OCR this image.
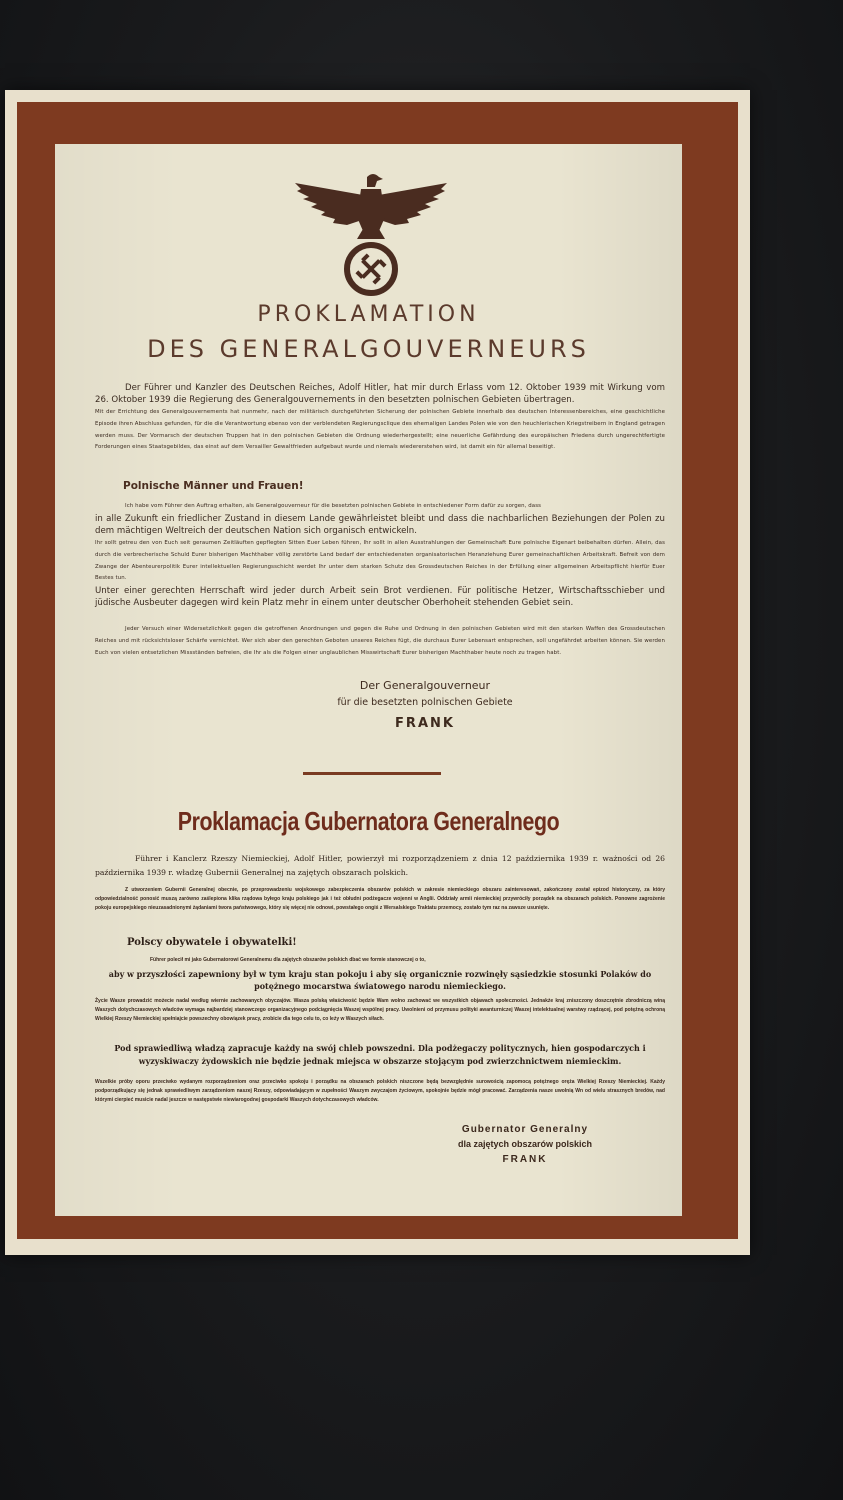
PROKLAMATION
DES GENERALGOUVERNEURS

Der Führer und Kanzler des Deutschen Reiches, Adolf Hitler, hat mir durch Erlass vom 12. Oktober 1939 mit Wirkung vom 26. Oktober 1939 die Regierung des Generalgouvernements in den besetzten polnischen Gebieten übertragen.

Mit der Errichtung des Generalgouvernements hat nunmehr, nach der militärisch durchgeführten Sicherung der polnischen Gebiete innerhalb des deutschen Interessenbereiches, eine geschichtliche Episode ihren Abschluss gefunden, für die die Verantwortung ebenso von der verblendeten Regierungsclique des ehemaligen Landes Polen wie von den heuchlerischen Kriegstreibern in England getragen werden muss. Der Vormarsch der deutschen Truppen hat in den polnischen Gebieten die Ordnung wiederhergestellt; eine neuerliche Gefährdung des europäischen Friedens durch ungerechtfertigte Forderungen eines Staatsgebildes, das einst auf dem Versailler Gewaltfrieden aufgebaut wurde und niemals wiedererstehen wird, ist damit ein für allemal beseitigt.

Polnische Männer und Frauen!

Ich habe vom Führer den Auftrag erhalten, als Generalgouverneur für die besetzten polnischen Gebiete in entschiedener Form dafür zu sorgen, dass

in alle Zukunft ein friedlicher Zustand in diesem Lande gewährleistet bleibt und dass die nachbarlichen Beziehungen der Polen zu dem mächtigen Weltreich der deutschen Nation sich organisch entwickeln.

Ihr sollt getreu den von Euch seit geraumen Zeitläuften gepflegten Sitten Euer Leben führen, Ihr sollt in allen Ausstrahlungen der Gemeinschaft Eure polnische Eigenart beibehalten dürfen. Allein, das durch die verbrecherische Schuld Eurer bisherigen Machthaber völlig zerstörte Land bedarf der entschiedensten organisatorischen Heranziehung Eurer gemeinschaftlichen Arbeitskraft. Befreit von dem Zwange der Abenteurerpolitik Eurer intellektuellen Regierungsschicht werdet Ihr unter dem starken Schutz des Grossdeutschen Reiches in der Erfüllung einer allgemeinen Arbeitspflicht hierfür Euer Bestes tun.

Unter einer gerechten Herrschaft wird jeder durch Arbeit sein Brot verdienen. Für politische Hetzer, Wirtschaftsschieber und jüdische Ausbeuter dagegen wird kein Platz mehr in einem unter deutscher Oberhoheit stehenden Gebiet sein.

Jeder Versuch einer Widersetzlichkeit gegen die getroffenen Anordnungen und gegen die Ruhe und Ordnung in den polnischen Gebieten wird mit den starken Waffen des Grossdeutschen Reiches und mit rücksichtsloser Schärfe vernichtet. Wer sich aber den gerechten Geboten unseres Reiches fügt, die durchaus Eurer Lebensart entsprechen, soll ungefährdet arbeiten können. Sie werden Euch von vielen entsetzlichen Missständen befreien, die Ihr als die Folgen einer unglaublichen Misswirtschaft Eurer bisherigen Machthaber heute noch zu tragen habt.

Der Generalgouverneur
für die besetzten polnischen Gebiete
FRANK
Proklamacja Gubernatora Generalnego

Führer i Kanclerz Rzeszy Niemieckiej, Adolf Hitler, powierzył mi rozporządzeniem z dnia 12 października 1939 r. ważności od 26 października 1939 r. władzę Gubernii Generalnej na zajętych obszarach polskich.

Z utworzeniem Gubernii Generalnej obecnie, po przeprowadzeniu wojskowego zabezpieczenia obszarów polskich w zakresie niemieckiego obszaru zainteresowań, zakończony został epizod historyczny, za który odpowiedzialność ponosić muszą zarówno zaślepiona klika rządowa byłego kraju polskiego jak i też obłudni podżegacze wojenni w Anglii. Oddziały armii niemieckiej przywróciły porządek na obszarach polskich. Ponowne zagrożenie pokoju europejskiego nieuzasadnionymi żądaniami twora państwowego, który się więcej nie odnowi, powstałego ongiś z Wersalskiego Traktatu przemocy, zostało tym raz na zawsze usunięte.

Polscy obywatele i obywatelki!

Führer polecił mi jako Gubernatorowi Generalnemu dla zajętych obszarów polskich dbać we formie stanowczej o to,

aby w przyszłości zapewniony był w tym kraju stan pokoju i aby się organicznie rozwinęły sąsiedzkie stosunki Polaków do potężnego mocarstwa światowego narodu niemieckiego.

Życie Wasze prowadzić możecie nadal według wiernie zachowanych obyczajów. Wasza polską właściwość będzie Wam wolno zachować we wszystkich objawach społeczności. Jednakże kraj zniszczony doszczętnie zbrodniczą winą Waszych dotychczasowych władców wymaga najbardziej stanowczego organizacyjnego podciągnięcia Waszej wspólnej pracy. Uwolnieni od przymusu polityki awanturniczej Waszej intelektualnej warstwy rządzącej, pod potężną ochroną Wielkiej Rzeszy Niemieckiej spełniajcie powszechny obowiązek pracy, zrobicie dla tego celu to, co leży w Waszych siłach.

Pod sprawiedliwą władzą zapracuje każdy na swój chleb powszedni. Dla podżegaczy politycznych, hien gospodarczych i wyzyskiwaczy żydowskich nie będzie jednak miejsca w obszarze stojącym pod zwierzchnictwem niemieckim.

Wszelkie próby oporu przeciwko wydanym rozporządzeniom oraz przeciwko spokoju i porządku na obszarach polskich niszczone będą bezwzględnie surowością zapomocą potężnego oręża Wielkiej Rzeszy Niemieckiej. Każdy podporządkujący się jednak sprawiedliwym zarządzeniom naszej Rzeszy, odpowiadającym w zupełności Waszym zwyczajom życiowym, spokojnie będzie mógł pracować. Zarządzenia nasze uwolnią Wn od wielu strasznych bredów, nad którymi cierpieć musicie nadal jeszcze w następstwie niewiarogodnej gospodarki Waszych dotychczasowych władców.

Gubernator Generalny
dla zajętych obszarów polskich
FRANK
